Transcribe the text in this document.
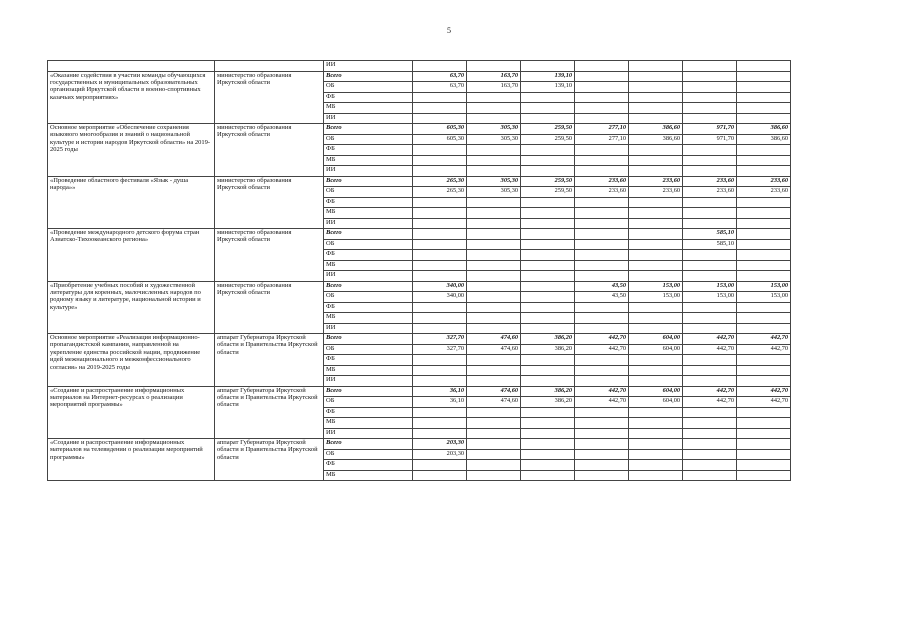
5
		ИИ							
«Оказание содействия в участии команды обучающихся государственных и муниципальных образовательных организаций Иркутской области в военно-спортивных казачьих мероприятиях»	министерство образования Иркутской области	Всего	63,70	163,70	139,10				
		ОБ	63,70	163,70	139,10				
		ФБ							
		МБ							
		ИИ							
Основное мероприятие «Обеспечение сохранения языкового многообразия и знаний о национальной культуре и истории народов Иркутской области» на 2019-2025 годы	министерство образования Иркутской области	Всего	605,30	305,30	259,50	277,10	386,60	971,70	386,60
		ОБ	605,30	305,30	259,50	277,10	386,60	971,70	386,60
		ФБ							
		МБ							
		ИИ							
«Проведение областного фестиваля «Язык - душа народа»»	министерство образования Иркутской области	Всего	265,30	305,30	259,50	233,60	233,60	233,60	233,60
		ОБ	265,30	305,30	259,50	233,60	233,60	233,60	233,60
		ФБ							
		МБ							
		ИИ							
«Проведение международного детского форума стран Азиатско-Тихоокеанского региона»	министерство образования Иркутской области	Всего						585,10	
		ОБ						585,10	
		ФБ							
		МБ							
		ИИ							
«Приобретение учебных пособий и художественной литературы для коренных, малочисленных народов по родному языку и литературе, национальной истории и культуре»	министерство образования Иркутской области	Всего	340,00			43,50	153,00	153,00	153,00
		ОБ	340,00			43,50	153,00	153,00	153,00
		ФБ							
		МБ							
		ИИ							
Основное мероприятие «Реализация информационно-пропагандистской кампании, направленной на укрепление единства российской нации, продвижение идей межнационального и межконфессионального согласия» на 2019-2025 годы	аппарат Губернатора Иркутской области и Правительства Иркутской области	Всего	327,70	474,60	386,20	442,70	604,00	442,70	442,70
		ОБ	327,70	474,60	386,20	442,70	604,00	442,70	442,70
		ФБ							
		МБ							
		ИИ							
«Создание и распространение информационных материалов на Интернет-ресурсах о реализации мероприятий программы»	аппарат Губернатора Иркутской области и Правительства Иркутской области	Всего	36,10	474,60	386,20	442,70	604,00	442,70	442,70
		ОБ	36,10	474,60	386,20	442,70	604,00	442,70	442,70
		ФБ							
		МБ							
		ИИ							
«Создание и распространение информационных материалов на телевидении о реализации мероприятий программы»	аппарат Губернатора Иркутской области и Правительства Иркутской области	Всего	203,30						
		ОБ	203,30						
		ФБ							
		МБ							
